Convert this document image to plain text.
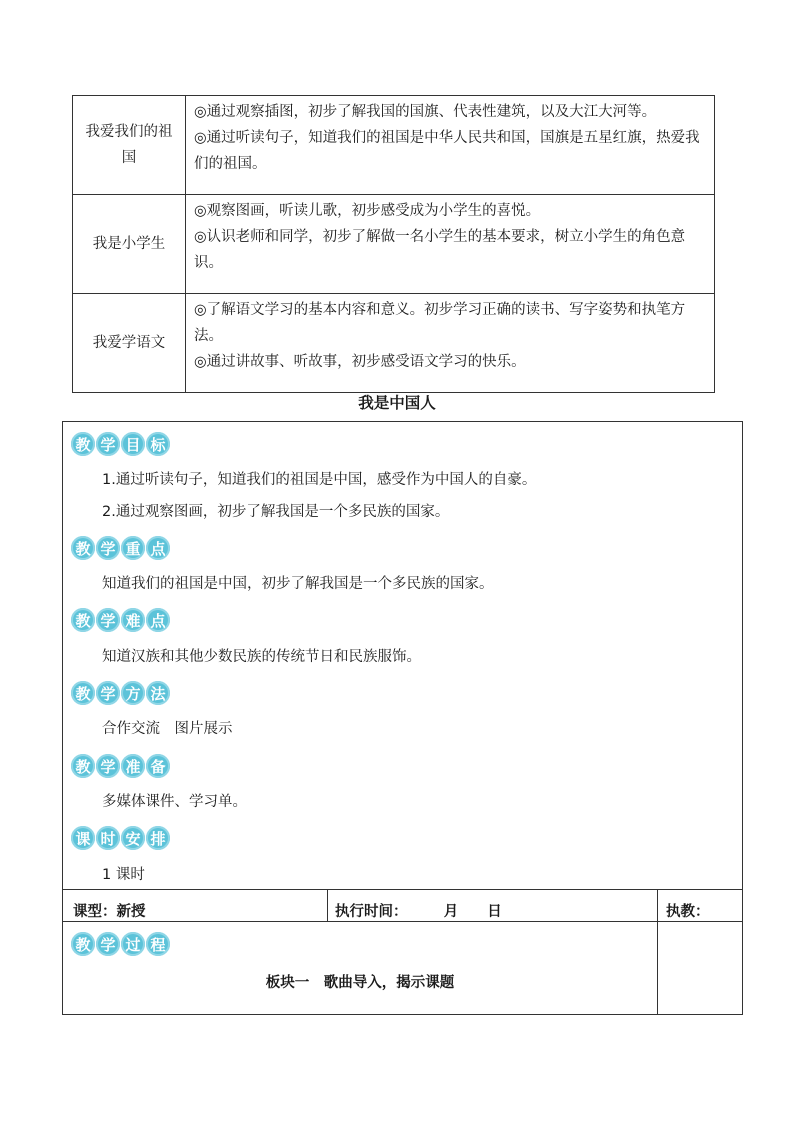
我爱我们的祖国	◎通过观察插图，初步了解我国的国旗、代表性建筑，以及大江大河等。
◎通过听读句子，知道我们的祖国是中华人民共和国，国旗是五星红旗，热爱我们的祖国。

我是小学生	◎观察图画，听读儿歌，初步感受成为小学生的喜悦。
◎认识老师和同学，初步了解做一名小学生的基本要求，树立小学生的角色意识。

我爱学语文	◎了解语文学习的基本内容和意义。初步学习正确的读书、写字姿势和执笔方法。
◎通过讲故事、听故事，初步感受语文学习的快乐。
我是中国人
教 学 目 标
1.通过听读句子，知道我们的祖国是中国，感受作为中国人的自豪。
2.通过观察图画，初步了解我国是一个多民族的国家。
教 学 重 点
知道我们的祖国是中国，初步了解我国是一个多民族的国家。
教 学 难 点
知道汉族和其他少数民族的传统节日和民族服饰。
教 学 方 法
合作交流　图片展示
教 学 准 备
多媒体课件、学习单。
课 时 安 排
1 课时
课型：新授	执行时间：　　　月　　日	执教：
教 学 过 程
板块一　歌曲导入，揭示课题
